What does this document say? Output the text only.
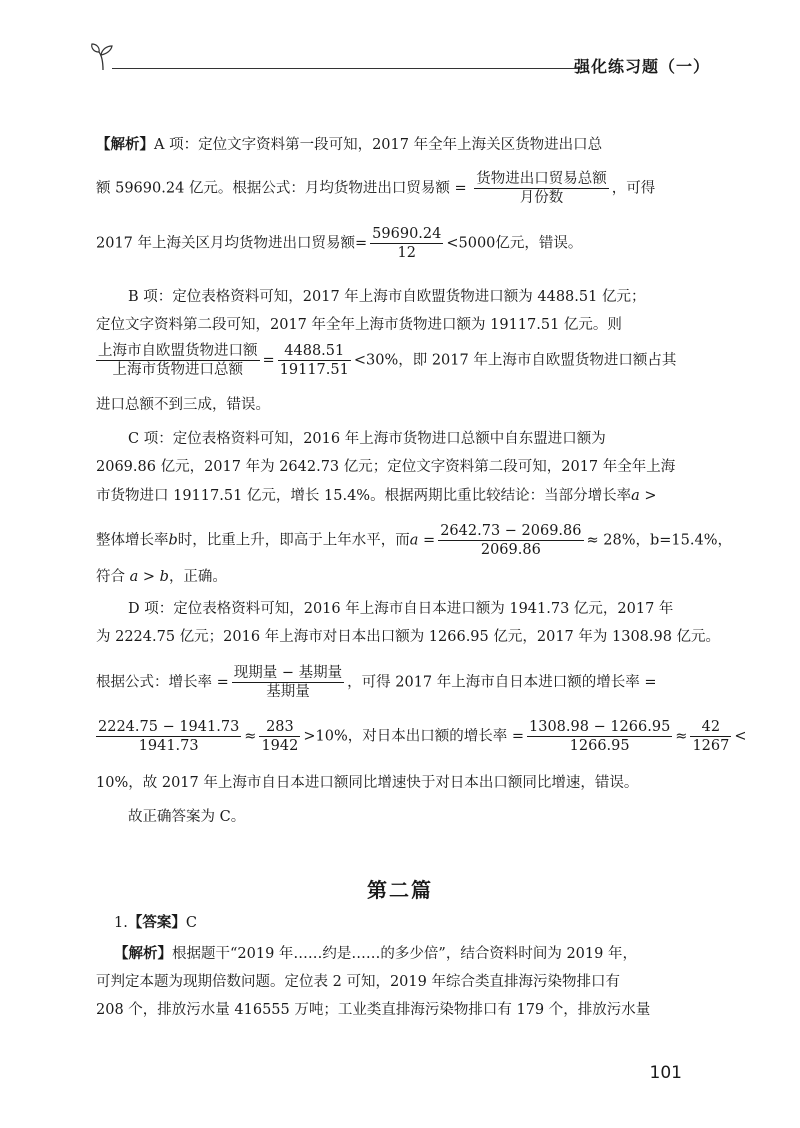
强化练习题（一）
【解析】A 项：定位文字资料第一段可知，2017 年全年上海关区货物进出口总
额 59690.24 亿元。根据公式：月均货物进出口贸易额 = $\frac{\text{货物进出口贸易总额}}{\text{月份数}}$ ，可得
2017 年上海关区月均货物进出口贸易额= $\frac{59690.24}{12} <5000$亿元，错误。
B 项：定位表格资料可知，2017 年上海市自欧盟货物进口额为 4488.51 亿元；
定位文字资料第二段可知，2017 年全年上海市货物进口额为 19117.51 亿元。则
$\frac{\text{上海市自欧盟货物进口额}}{\text{上海市货物进口总额}} = \frac{4488.51}{19117.51} <30\%$，即 2017 年上海市自欧盟货物进口额占其
进口总额不到三成，错误。
C 项：定位表格资料可知，2016 年上海市货物进口总额中自东盟进口额为
2069.86 亿元，2017 年为 2642.73 亿元；定位文字资料第二段可知，2017 年全年上海
市货物进口 19117.51 亿元，增长 15.4%。根据两期比重比较结论：当部分增长率a >
整体增长率b时，比重上升，即高于上年水平，而$a = \frac{2642.73 - 2069.86}{2069.86} \approx 28\%$，b=15.4%，
符合 a > b，正确。
D 项：定位表格资料可知，2016 年上海市自日本进口额为 1941.73 亿元，2017 年
为 2224.75 亿元；2016 年上海市对日本出口额为 1266.95 亿元，2017 年为 1308.98 亿元。
根据公式：增长率 = $\frac{\text{现期量 − 基期量}}{\text{基期量}}$ ，可得 2017 年上海市自日本进口额的增长率 =
$\frac{2224.75 - 1941.73}{1941.73} \approx \frac{283}{1942} >10\%$，对日本出口额的增长率 = $\frac{1308.98 - 1266.95}{1266.95} \approx \frac{42}{1267}$ <
10%，故 2017 年上海市自日本进口额同比增速快于对日本出口额同比增速，错误。
故正确答案为 C。
第二篇
1.【答案】C
【解析】根据题干“2019 年……约是……的多少倍”，结合资料时间为 2019 年，
可判定本题为现期倍数问题。定位表 2 可知，2019 年综合类直排海污染物排口有
208 个，排放污水量 416555 万吨；工业类直排海污染物排口有 179 个，排放污水量
101
